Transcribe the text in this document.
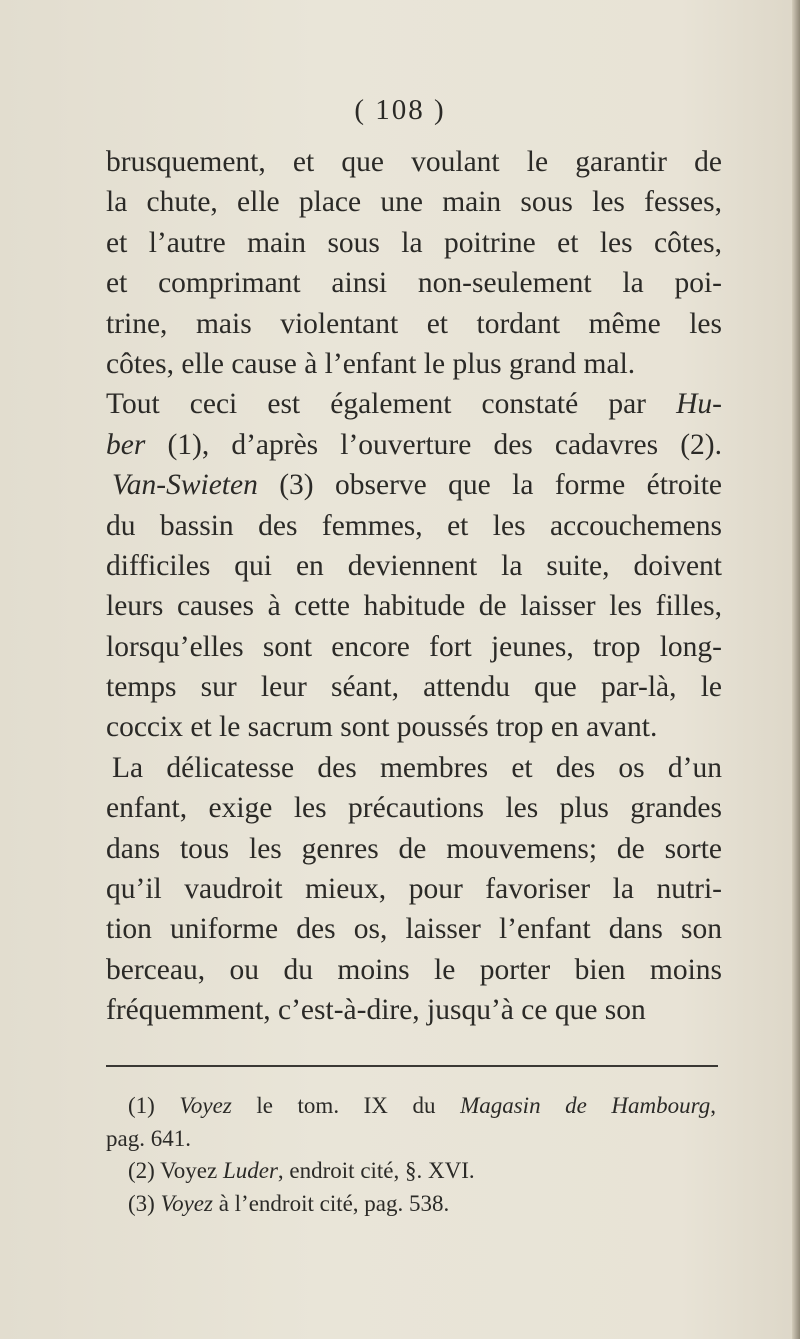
( 108 )
brusquement, et que voulant le garantir de
la chute, elle place une main sous les fesses,
et l’autre main sous la poitrine et les côtes,
et comprimant ainsi non-seulement la poi-
trine, mais violentant et tordant même les
côtes, elle cause à l’enfant le plus grand mal.
Tout ceci est également constaté par Hu-
ber (1), d’après l’ouverture des cadavres (2).
Van-Swieten (3) observe que la forme étroite
du bassin des femmes, et les accouchemens
difficiles qui en deviennent la suite, doivent
leurs causes à cette habitude de laisser les filles,
lorsqu’elles sont encore fort jeunes, trop long-
temps sur leur séant, attendu que par-là, le
coccix et le sacrum sont poussés trop en avant.
La délicatesse des membres et des os d’un
enfant, exige les précautions les plus grandes
dans tous les genres de mouvemens; de sorte
qu’il vaudroit mieux, pour favoriser la nutri-
tion uniforme des os, laisser l’enfant dans son
berceau, ou du moins le porter bien moins
fréquemment, c’est-à-dire, jusqu’à ce que son
(1) Voyez le tom. IX du Magasin de Hambourg,
pag. 641.
(2) Voyez Luder, endroit cité, §. XVI.
(3) Voyez à l’endroit cité, pag. 538.
